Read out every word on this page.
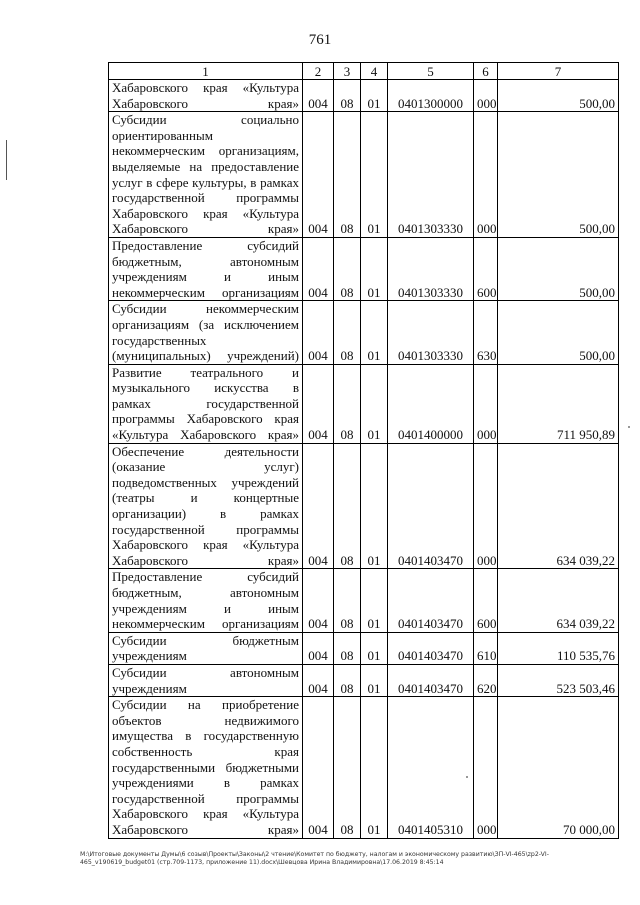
761
1	2	3	4	5	6	7
Хабаровского края «Культура Хабаровского края»	004	08	01	0401300000	000	500,00
Субсидии социально ориентированным некоммерческим организациям, выделяемые на предоставление услуг в сфере культуры, в рамках государственной программы Хабаровского края «Культура Хабаровского края»	004	08	01	0401303330	000	500,00
Предоставление субсидий бюджетным, автономным учреждениям и иным некоммерческим организациям	004	08	01	0401303330	600	500,00
Субсидии некоммерческим организациям (за исключением государственных (муниципальных) учреждений)	004	08	01	0401303330	630	500,00
Развитие театрального и музыкального искусства в рамках государственной программы Хабаровского края «Культура Хабаровского края»	004	08	01	0401400000	000	711 950,89
Обеспечение деятельности (оказание услуг) подведомственных учреждений (театры и концертные организации) в рамках государственной программы Хабаровского края «Культура Хабаровского края»	004	08	01	0401403470	000	634 039,22
Предоставление субсидий бюджетным, автономным учреждениям и иным некоммерческим организациям	004	08	01	0401403470	600	634 039,22
Субсидии бюджетным учреждениям	004	08	01	0401403470	610	110 535,76
Субсидии автономным учреждениям	004	08	01	0401403470	620	523 503,46
Субсидии на приобретение объектов недвижимого имущества в государственную собственность края государственными бюджетными учреждениями в рамках государственной программы Хабаровского края «Культура Хабаровского края»	004	08	01	0401405310	000	70 000,00
М:\Итоговые документы Думы\6 созыв\Проекты\Законы\2 чтение\Комитет по бюджету, налогам и экономическому развитию\ЗП-VI-465\zp2-VI-465_v190619_budget01 (стр.709-1173, приложение 11).docx\Шевцова Ирина Владимировна\17.06.2019 8:45:14
